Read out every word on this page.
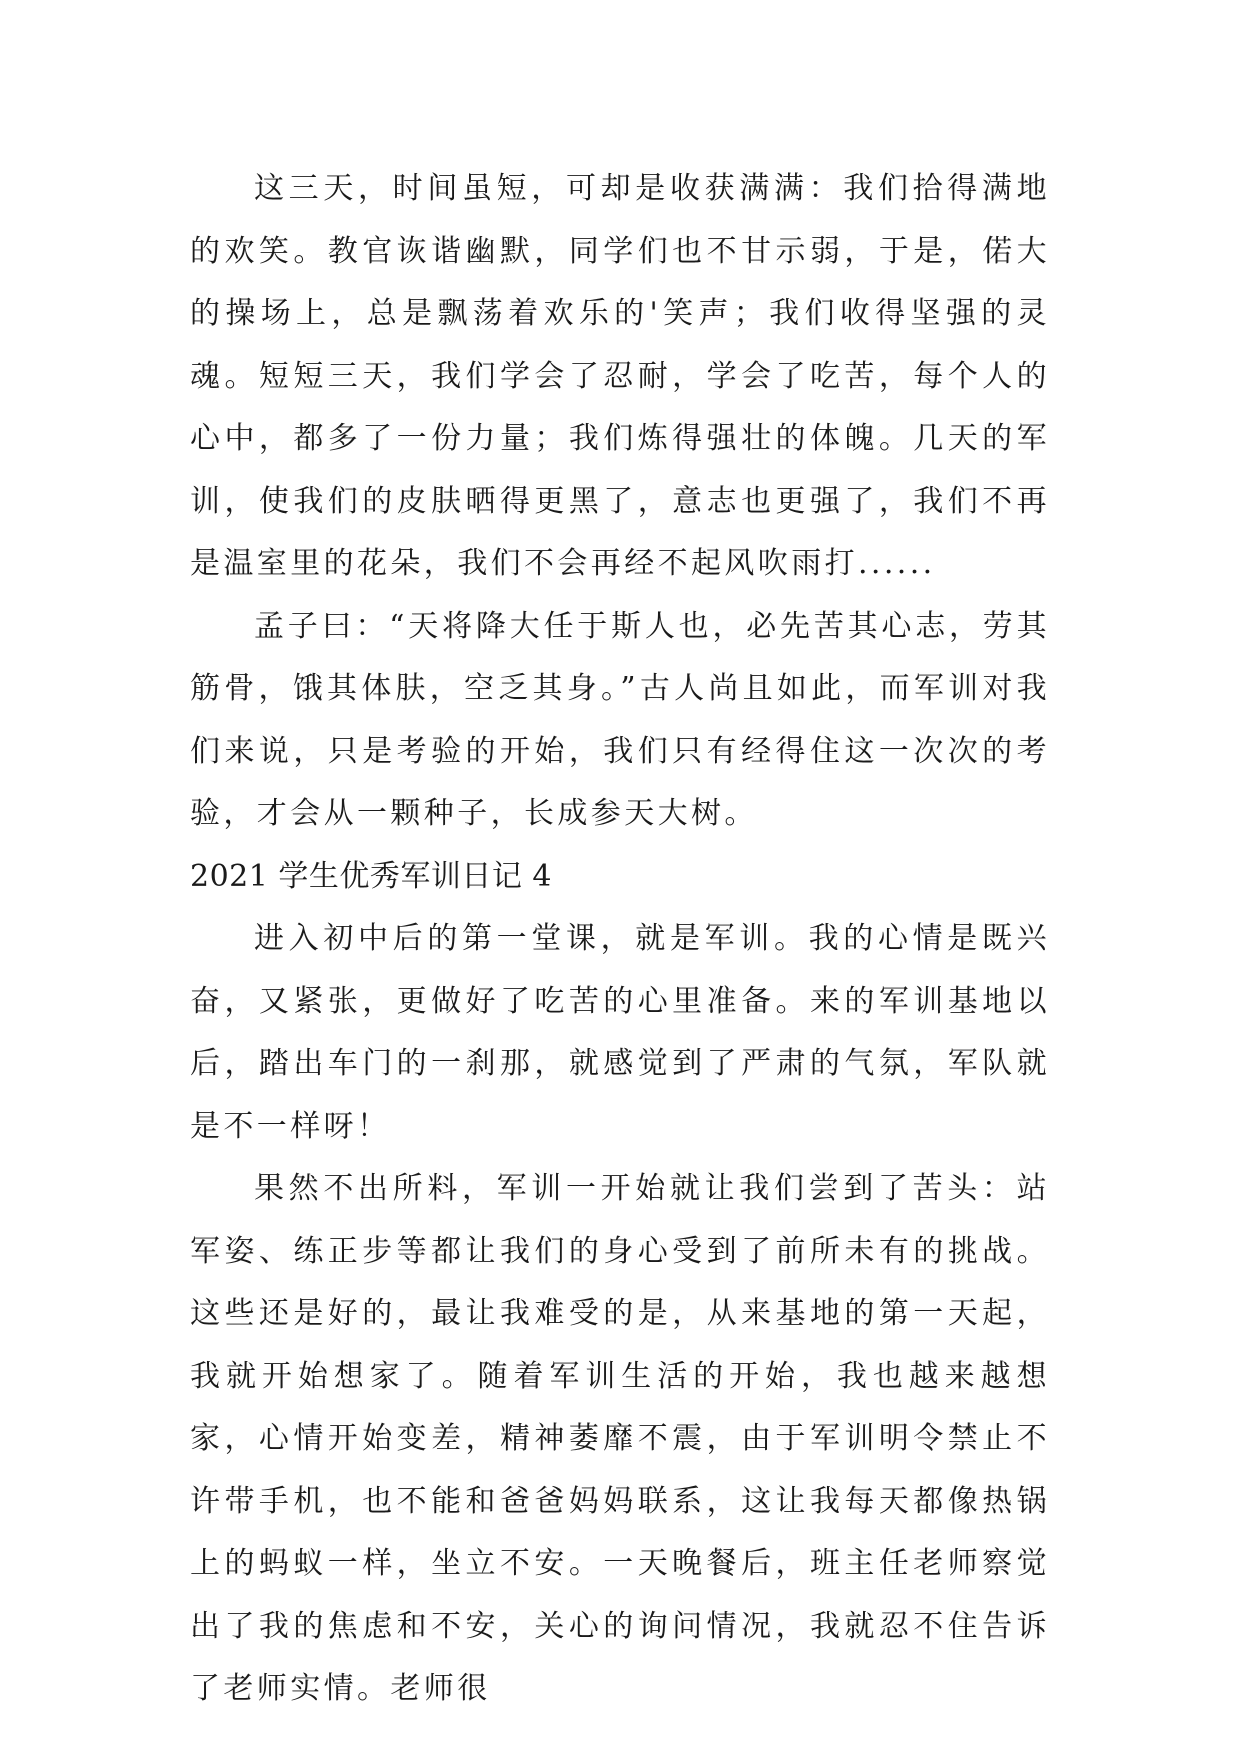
这三天，时间虽短，可却是收获满满：我们拾得满地的欢笑。教官诙谐幽默，同学们也不甘示弱，于是，偌大的操场上，总是飘荡着欢乐的'笑声；我们收得坚强的灵魂。短短三天，我们学会了忍耐，学会了吃苦，每个人的心中，都多了一份力量；我们炼得强壮的体魄。几天的军训，使我们的皮肤晒得更黑了，意志也更强了，我们不再是温室里的花朵，我们不会再经不起风吹雨打......

孟子曰：“天将降大任于斯人也，必先苦其心志，劳其筋骨，饿其体肤，空乏其身。”古人尚且如此，而军训对我们来说，只是考验的开始，我们只有经得住这一次次的考验，才会从一颗种子，长成参天大树。

2021 学生优秀军训日记 4

进入初中后的第一堂课，就是军训。我的心情是既兴奋，又紧张，更做好了吃苦的心里准备。来的军训基地以后，踏出车门的一刹那，就感觉到了严肃的气氛，军队就是不一样呀！

果然不出所料，军训一开始就让我们尝到了苦头：站军姿、练正步等都让我们的身心受到了前所未有的挑战。这些还是好的，最让我难受的是，从来基地的第一天起，我就开始想家了。随着军训生活的开始，我也越来越想家，心情开始变差，精神萎靡不震，由于军训明令禁止不许带手机，也不能和爸爸妈妈联系，这让我每天都像热锅上的蚂蚁一样，坐立不安。一天晚餐后，班主任老师察觉出了我的焦虑和不安，关心的询问情况，我就忍不住告诉了老师实情。老师很
